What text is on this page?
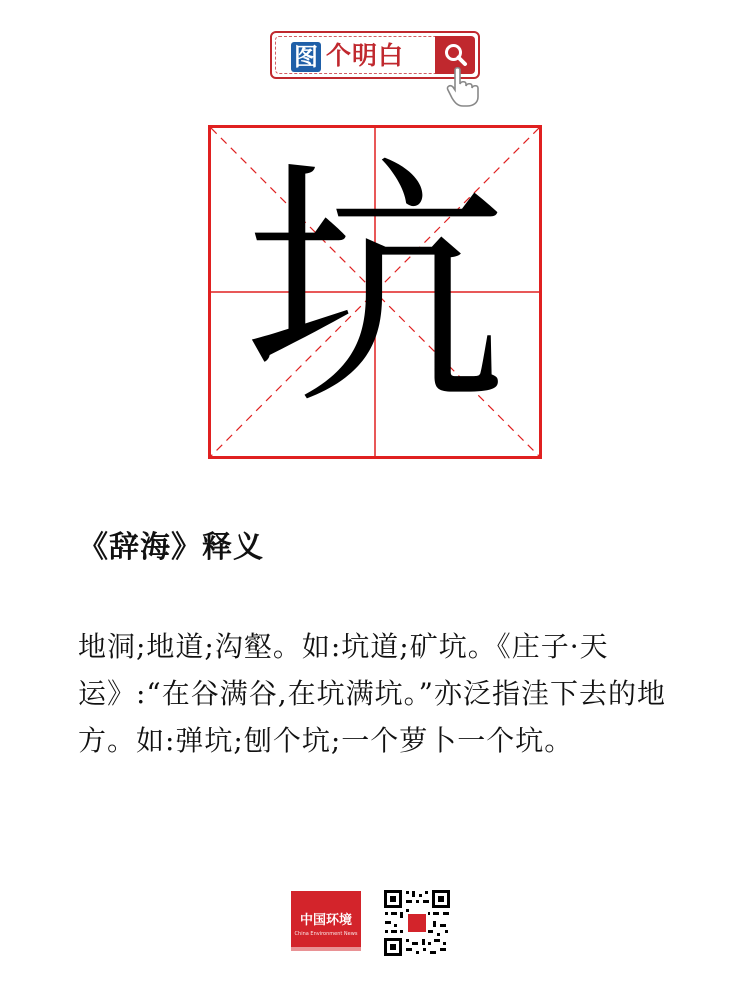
图 个明白
坑
《辞海》释义
地洞;地道;沟壑。如:坑道;矿坑。《庄子·天运》:“在谷满谷,在坑满坑。”亦泛指洼下去的地方。如:弹坑;刨个坑;一个萝卜一个坑。
中国环境
China Environment News
